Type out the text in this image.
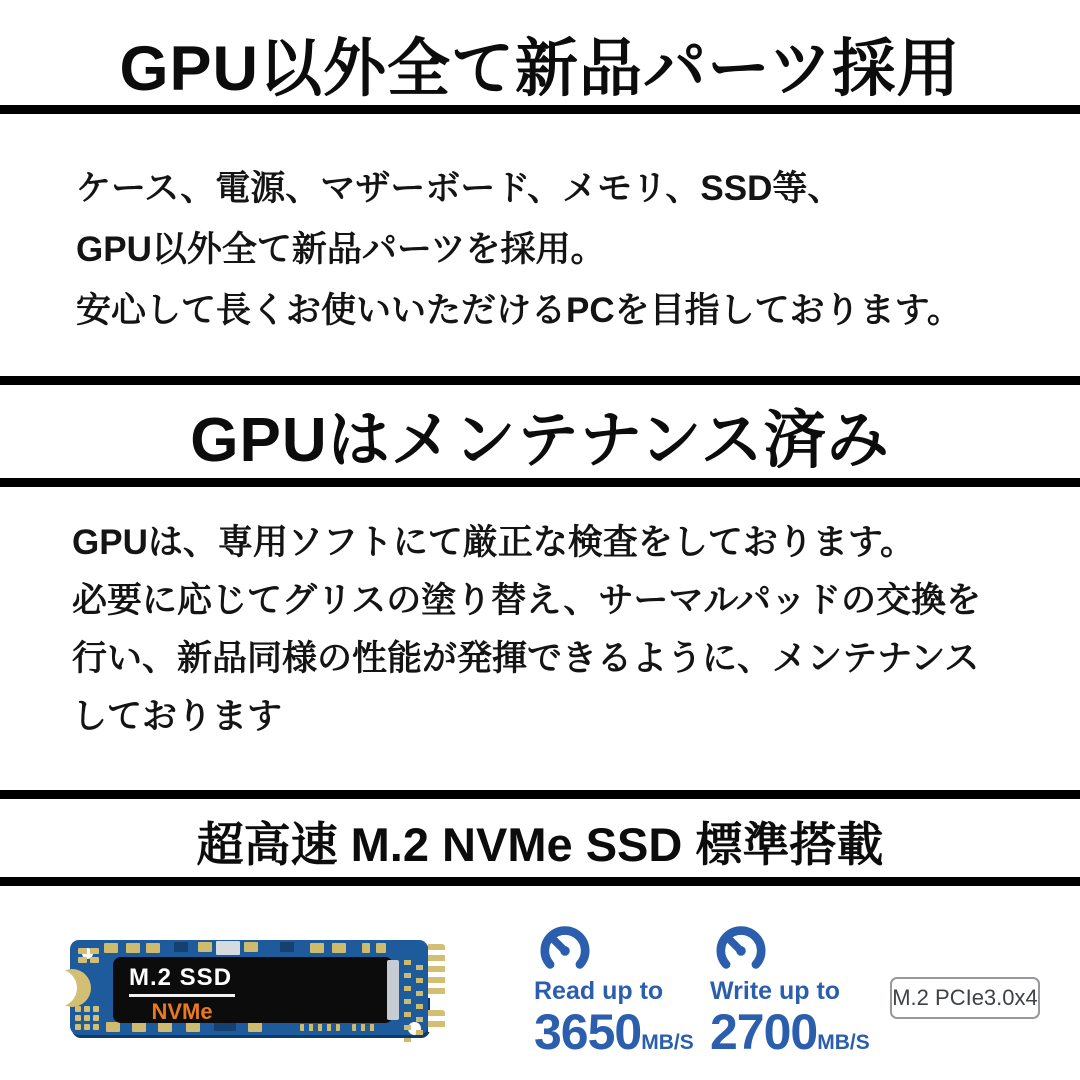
GPU以外全て新品パーツ採用
ケース、電源、マザーボード、メモリ、SSD等、
GPU以外全て新品パーツを採用。
安心して長くお使いいただけるPCを目指しております。
GPUはメンテナンス済み
GPUは、専用ソフトにて厳正な検査をしております。
必要に応じてグリスの塗り替え、サーマルパッドの交換を
行い、新品同様の性能が発揮できるように、メンテナンス
しております
超高速 M.2 NVMe SSD 標準搭載
M.2 SSD
NVMe
Read up to
3650MB/S
Write up to
2700MB/S
M.2 PCIe3.0x4
